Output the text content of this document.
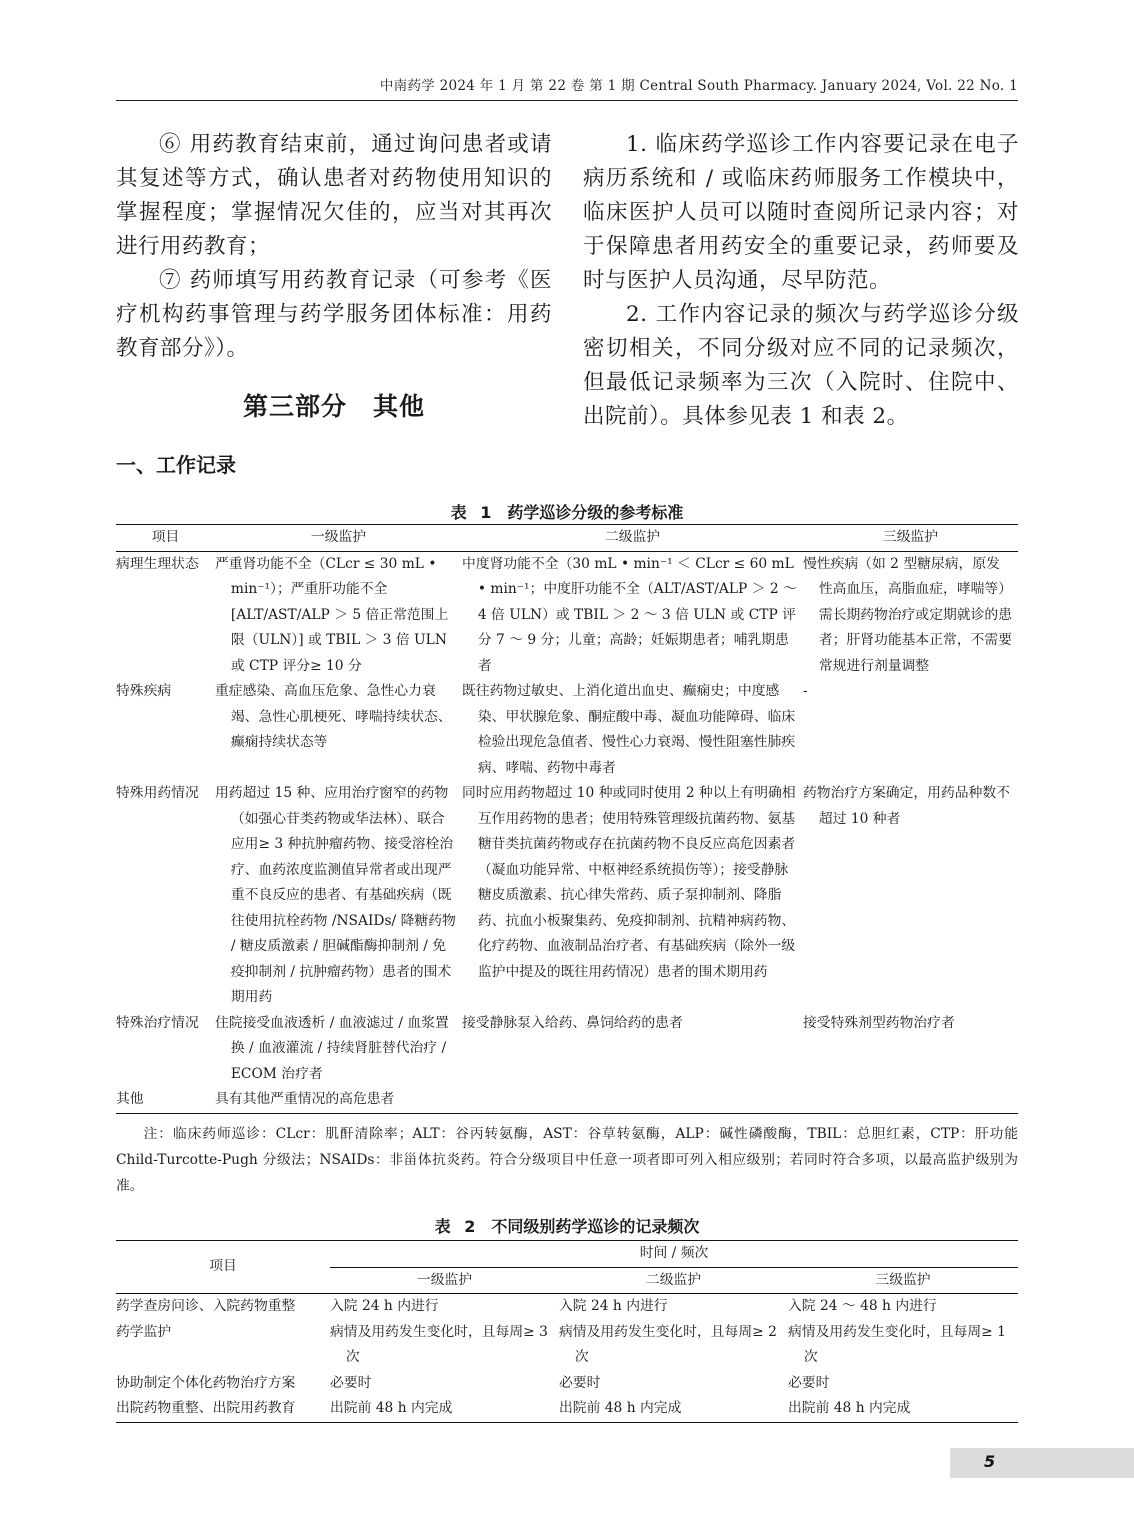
中南药学 2024 年 1 月 第 22 卷 第 1 期 Central South Pharmacy. January 2024, Vol. 22 No. 1

⑥ 用药教育结束前，通过询问患者或请其复述等方式，确认患者对药物使用知识的掌握程度；掌握情况欠佳的，应当对其再次进行用药教育；

⑦ 药师填写用药教育记录（可参考《医疗机构药事管理与药学服务团体标准：用药教育部分》）。

第三部分　其他

1. 临床药学巡诊工作内容要记录在电子病历系统和 / 或临床药师服务工作模块中，临床医护人员可以随时查阅所记录内容；对于保障患者用药安全的重要记录，药师要及时与医护人员沟通，尽早防范。

2. 工作内容记录的频次与药学巡诊分级密切相关，不同分级对应不同的记录频次，但最低记录频率为三次（入院时、住院中、出院前）。具体参见表 1 和表 2。

一、工作记录
表 1　药学巡诊分级的参考标准
项目	一级监护	二级监护	三级监护
病理生理状态	严重肾功能不全（CLcr ≤ 30 mL • min⁻¹）；严重肝功能不全 [ALT/AST/ALP ＞ 5 倍正常范围上限（ULN）] 或 TBIL ＞ 3 倍 ULN 或 CTP 评分≥ 10 分	中度肾功能不全（30 mL • min⁻¹ ＜ CLcr ≤ 60 mL • min⁻¹；中度肝功能不全（ALT/AST/ALP ＞ 2 ～ 4 倍 ULN）或 TBIL ＞ 2 ～ 3 倍 ULN 或 CTP 评分 7 ～ 9 分；儿童；高龄；妊娠期患者；哺乳期患者	慢性疾病（如 2 型糖尿病，原发性高血压，高脂血症，哮喘等）需长期药物治疗或定期就诊的患者；肝肾功能基本正常，不需要常规进行剂量调整
特殊疾病	重症感染、高血压危象、急性心力衰竭、急性心肌梗死、哮喘持续状态、癫痫持续状态等	既往药物过敏史、上消化道出血史、癫痫史；中度感染、甲状腺危象、酮症酸中毒、凝血功能障碍、临床检验出现危急值者、慢性心力衰竭、慢性阻塞性肺疾病、哮喘、药物中毒者	-
特殊用药情况	用药超过 15 种、应用治疗窗窄的药物（如强心苷类药物或华法林）、联合应用≥ 3 种抗肿瘤药物、接受溶栓治疗、血药浓度监测值异常者或出现严重不良反应的患者、有基础疾病（既往使用抗栓药物 /NSAIDs/ 降糖药物 / 糖皮质激素 / 胆碱酯酶抑制剂 / 免疫抑制剂 / 抗肿瘤药物）患者的围术期用药	同时应用药物超过 10 种或同时使用 2 种以上有明确相互作用药物的患者；使用特殊管理级抗菌药物、氨基糖苷类抗菌药物或存在抗菌药物不良反应高危因素者（凝血功能异常、中枢神经系统损伤等）；接受静脉糖皮质激素、抗心律失常药、质子泵抑制剂、降脂药、抗血小板聚集药、免疫抑制剂、抗精神病药物、化疗药物、血液制品治疗者、有基础疾病（除外一级监护中提及的既往用药情况）患者的围术期用药	药物治疗方案确定，用药品种数不超过 10 种者
特殊治疗情况	住院接受血液透析 / 血液滤过 / 血浆置换 / 血液灌流 / 持续肾脏替代治疗 / ECOM 治疗者	接受静脉泵入给药、鼻饲给药的患者	接受特殊剂型药物治疗者
其他	具有其他严重情况的高危患者		
注：临床药师巡诊：CLcr：肌酐清除率；ALT：谷丙转氨酶，AST：谷草转氨酶，ALP：碱性磷酸酶，TBIL：总胆红素，CTP：肝功能 Child-Turcotte-Pugh 分级法；NSAIDs：非甾体抗炎药。符合分级项目中任意一项者即可列入相应级别；若同时符合多项，以最高监护级别为准。
表 2　不同级别药学巡诊的记录频次
项目	时间 / 频次		
	一级监护	二级监护	三级监护
药学查房问诊、入院药物重整	入院 24 h 内进行	入院 24 h 内进行	入院 24 ～ 48 h 内进行
药学监护	病情及用药发生变化时，且每周≥ 3 次	病情及用药发生变化时，且每周≥ 2 次	病情及用药发生变化时，且每周≥ 1 次
协助制定个体化药物治疗方案	必要时	必要时	必要时
出院药物重整、出院用药教育	出院前 48 h 内完成	出院前 48 h 内完成	出院前 48 h 内完成
5
